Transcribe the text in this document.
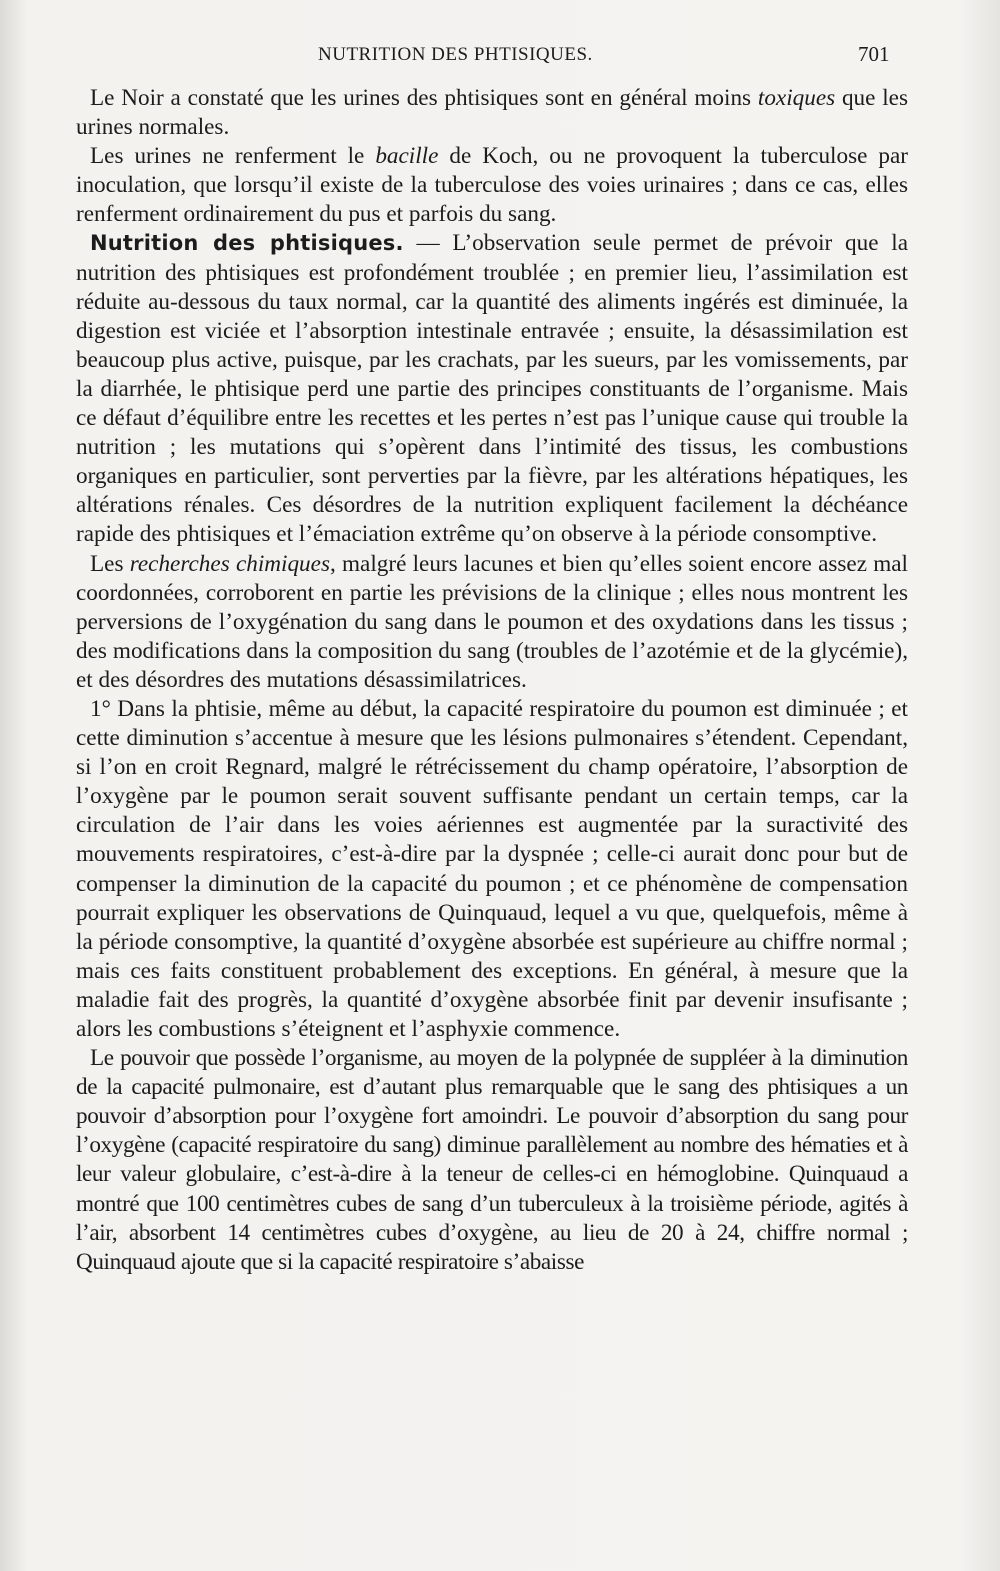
NUTRITION DES PHTISIQUES.	701

Le Noir a constaté que les urines des phtisiques sont en général moins toxiques que les urines normales.

Les urines ne renferment le bacille de Koch, ou ne provoquent la tuberculose par inoculation, que lorsqu’il existe de la tuberculose des voies urinaires ; dans ce cas, elles renferment ordinairement du pus et parfois du sang.

Nutrition des phtisiques. — L’observation seule permet de prévoir que la nutrition des phtisiques est profondément troublée ; en premier lieu, l’assimilation est réduite au-dessous du taux normal, car la quantité des aliments ingérés est diminuée, la digestion est viciée et l’absorption intestinale entravée ; ensuite, la désassimilation est beaucoup plus active, puisque, par les crachats, par les sueurs, par les vomissements, par la diarrhée, le phtisique perd une partie des principes constituants de l’organisme. Mais ce défaut d’équilibre entre les recettes et les pertes n’est pas l’unique cause qui trouble la nutrition ; les mutations qui s’opèrent dans l’intimité des tissus, les combustions organiques en particulier, sont perverties par la fièvre, par les altérations hépatiques, les altérations rénales. Ces désordres de la nutrition expliquent facilement la déchéance rapide des phtisiques et l’émaciation extrême qu’on observe à la période consomptive.

Les recherches chimiques, malgré leurs lacunes et bien qu’elles soient encore assez mal coordonnées, corroborent en partie les prévisions de la clinique ; elles nous montrent les perversions de l’oxygénation du sang dans le poumon et des oxydations dans les tissus ; des modifications dans la composition du sang (troubles de l’azotémie et de la glycémie), et des désordres des mutations désassimilatrices.

1° Dans la phtisie, même au début, la capacité respiratoire du poumon est diminuée ; et cette diminution s’accentue à mesure que les lésions pulmonaires s’étendent. Cependant, si l’on en croit Regnard, malgré le rétrécissement du champ opératoire, l’absorption de l’oxygène par le poumon serait souvent suffisante pendant un certain temps, car la circulation de l’air dans les voies aériennes est augmentée par la suractivité des mouvements respiratoires, c’est-à-dire par la dyspnée ; celle-ci aurait donc pour but de compenser la diminution de la capacité du poumon ; et ce phénomène de compensation pourrait expliquer les observations de Quinquaud, lequel a vu que, quelquefois, même à la période consomptive, la quantité d’oxygène absorbée est supérieure au chiffre normal ; mais ces faits constituent probablement des exceptions. En général, à mesure que la maladie fait des progrès, la quantité d’oxygène absorbée finit par devenir insufisante ; alors les combustions s’éteignent et l’asphyxie commence.

Le pouvoir que possède l’organisme, au moyen de la polypnée de suppléer à la diminution de la capacité pulmonaire, est d’autant plus remarquable que le sang des phtisiques a un pouvoir d’absorption pour l’oxygène fort amoindri. Le pouvoir d’absorption du sang pour l’oxygène (capacité respiratoire du sang) diminue parallèlement au nombre des hématies et à leur valeur globulaire, c’est-à-dire à la teneur de celles-ci en hémoglobine. Quinquaud a montré que 100 centimètres cubes de sang d’un tuberculeux à la troisième période, agités à l’air, absorbent 14 centimètres cubes d’oxygène, au lieu de 20 à 24, chiffre normal ; Quinquaud ajoute que si la capacité respiratoire s’abaisse
